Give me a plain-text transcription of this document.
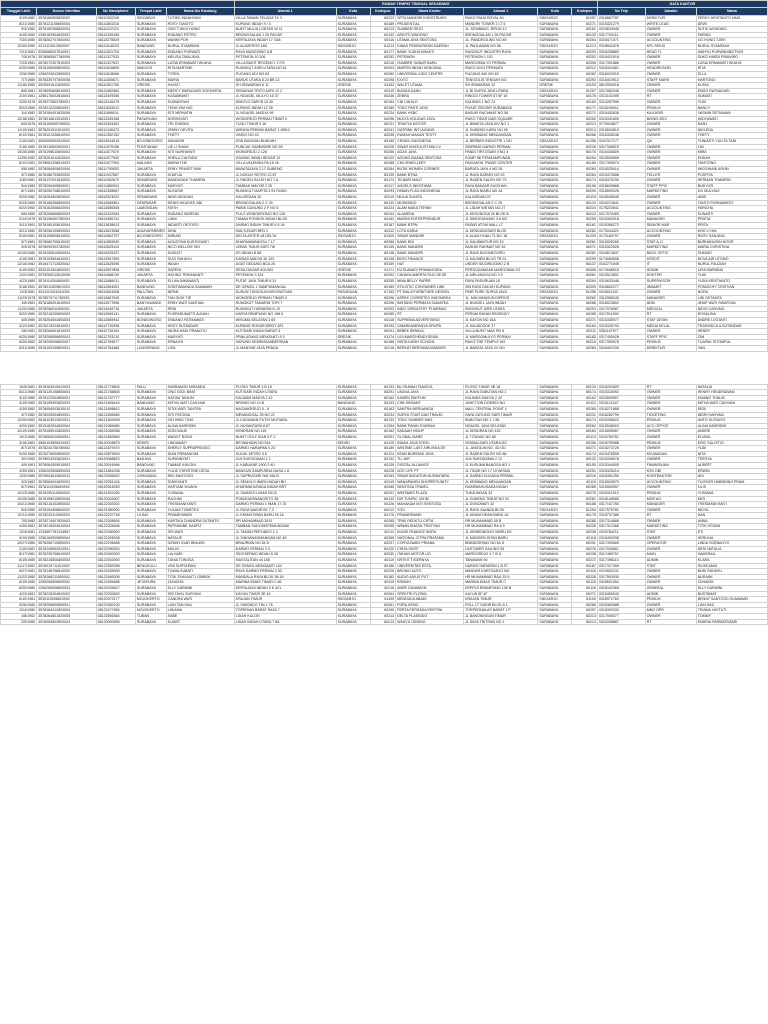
					RUMAH TEMPAT TINGGAL SEKARANG							DATA KANTOR		
Tanggal Lahir	Nomor Identitas	No Handphone	Tempat Lahir	Nama Ibu Kandung	Alamat 1	Kota	Kodepos	Nama Kantor	Alamat 1	Kota	Kodepos	No Telp	Jabatan	Nama
3/19/1982	3578180505820002	08111302249	SIDOARJO	TUTIEK INDAHYANI	VILLA TAMAN TELAGA TX 3	SURABAYA	60213	SPTA MANDIRI KONSTRUKSI	RUKO PALM ROYAL A1	SIDOARJO	61257	0318867787	DIREKTUR	FERDY ARISTANTO HADI
8/21/1980	3578121108800004	08111803316	SURABAYA	ROSY TANOTO	KUPANG INDAH 9 / 3	SURABAYA	60189	PRUDENTIAL	MANDIRI TOWER 2 LT 5	SURABAYA	60271	0315321279	WRITE LEAD	DEWI
9/3/1982	3578180308820003	08111222121	SURABAYA	ONG TJHIOI HONG	BUKIT MULIA LONTAR NI 11	SURABAYA	60213	SUMBER REJO	JL. KEMBANG JEPUN 12	SURABAYA	60162	0315634945	OWNER	SUTIK WOBOWO
4/25/1982	1256182504820002	08113165155	SURABAYA	ENDANG PETRO	BRONGGALAN 1 26 PACAR	SURABAYA	60132	ARKITO WAHONO	BRONGGALAN 1 26 PACAR	SURABAYA	60132	0317700111	OWNER	FARIDA
7/30/1980	3578262707800002	08113275829	SURABAYA	WANNI POH	KERTAJAYA INDAH 17 G48	SURABAYA	60116	UTAMA JAYA SENTOSA	JL. PANDEGILING NO 89	SURABAYA	60264	0315471071	ACCOUNTING	GO HONG TJIEK
12/30/1980	3214113012800007	08111518203	BANDUNG	NURUL SYAMSIAH	JL ALMATROS 168	SIDOARJO	61213	DINAS PENDAPATAN DAERAH	JL PAHLAWAN NO 56	SIDOARJO	61213	0318941878	KPL SEKSI	NURUL SYAMSIAH
7/21/1981	3256066207810001	08111521703	SURABAYA	ENDANG PURWATI	RAYA MUNGGING 8 B	SURABAYA	60177	BANK YUDHA BHAKTI	RUNGKUT INDUSTRI RAYA	SURABAYA	60293	0318438883	HEAD TL	WAHYU PURWANINGTYAS
7/5/1978	3578060507780006	08111327533	SURABAYA	MELISA TANUJAYA	PETEMON 10 106	SURABAYA	60252	PETEMON	PETEMON 1 102	SURABAYA	60252	0315421918	OWNER	SUKO HARDI PRAWIRO
7/23/1981	3578272307810003	08111327621	SURABAYA	LUSIA ERMAWATI WIJAYA	VILLA BUKIT REGENCY 2 F/2	SURABAYA	60216	SUMBER SUBUR BARU	MARGOMULYO PERMAI	SURABAYA	60308	0317491886	OWNER	LUSIA ERMAWATI WIJAYA
5/20/1980	3578106005800002	08111616809	MAKKOS	RITA MARTINE	RUNGKUT ASRI UTARA NO 61	SURABAYA	60293	MARTIN INDAH KENCANA	RUKO DIVO PERMATA	SURABAYA	60212	0315441861	HEADREGION	RITA
12/6/1989	1256220812890003	08111618668	SURABAYA	TITIEN	PUCANG ADI NO 63	SURABAYA	60282	UNIVERSAL KIDO CENTRE	PUCANG ADI NO 63	SURABAYA	60282	0316023915	OWNER	ELLA
7/7/1980	3578330707800006	08111655671	SURABAYA	MARIA	BARUK UTARA 8 24 BB 12	SURABAYA	60298	EXITO	TENGGILIS TENGAH NO	SURABAYA	60292	0318410512	STAFF MARK	HARTONO
11/16/1980	3525091611800002	08111901769	GRESIK	HAYATI	SH IRAWARAN K 11	GRESIK	61153	WALET UTAMA	SH IRAWARAN 12	GRESIK	61153	0813990016	OWNER	KUSNI
8/6/1981	3578090608810002	08111962683	SURABAYA	MERCY WARAGARI SOEHARTA	SEMAYAM TRITO ASRI 12 2	SURABAYA	60119	BUNGA DANU	JL BI SURYA JAYA UTARA	SIDOARJO	61257	0317882248	OWNER	ENGG RATNASARI
2/20/1981	1256176002810003	08113409356	SURABAYA	KASAMWATI	JL NGAGEL MULYO 16 37	SURABAYA	60246	ZEBRA	RINGGI TOWER 6T 6F 16	SURABAYA	60176	0313102495	RT	SUMIATI
3/25/1978	3578272803780001	08113416475	SURABAYA	SUWARIYAH	DIMOYO SARI B 13 30	SURABAYA	60164	CNI CAHILO	KALIMAS 1 NO 74	SURABAYA	60163	0313287996	OWNER	YUDI
5/22/1980	3578212205800001	08111633013	SURABAYA	TENG KIM NIO	KUPANG INDAH 12 35	SURABAYA	60189	TOKO PASTI JAYA	PUSAT GROSIR SURABAYA	SURABAYA	60171	0315245411	PEMILIK	NANCY
1/4/1982	3578180401820006	08111666011	SURABAYA	SITI MIRHATIN	JL NGAGEL MADYA 99	SURABAYA	60234	BANK HSBC	BASUKI RACHMAT NO 58	SURABAYA	60271	0315452636	KA KASIR	YASMIN SETIAWAN
12/18/1981	3578016812810001	08113345168	PASURUAN	NORHAYATI	WONOREJO PERMAI TIMUR II	SURABAYA	60296	MULYA HOLIDAS JAYA	RUKO TIDAR NIAS SQUARE	SURABAYA	60252	0315341600	BISNIS DEV	WIDYAWATI
5/5/1978	3578160505780002	08113394352	SURABAYA	TRI SYARINI	TUGU TIMUR 9 16	SURABAYA	60231	TRIAYYA MOTOR	JL BANKTA JAYA XIV NO 1	SURABAYA	60213	0779918877	OWNER	NANY
11/15/1981	3578251511810003	08111346473	SURABAYA	JENNY DEVITA	WIRAYA PERMAI BARAT 1 MB12	SURABAYA	60241	GATRINK INTI AGUNG	JL GUBENG KARU NO 99	SURABAYA	60313	0315692815	OWNER	NIKLEDA
6/12/1981	3578101206810002	08111352153	SURABAYA	THETY	VINGO NO 43	SURABAYA	60235	RUMAH MAKAN TESTY	JL KEMBANG MENJANGAN	SURABAYA	60266	0316328248	OWNER	THETY
2/15/1981	3526055502810002	08113543915	BOJONEGORO	MUNASIH	DSN BUNGAH BUNGAH	SURABAYA	69155	CENGIL INDONESIA	JL BERBEK INDUSTRI 1 NO	SIDOARJO	61256	0347017177	QA	YUNIARTI YULITA TANI
2/16/1982	3578216502820001	08111579168	PONTIANAK	LIE LI SHAM	PUNCAK SAMBISARI NO 59	SURABAYA	60226	SINAR KHATULISTIWA CV	SIMPANG DARMO PERMAI	SURABAYA	60226	0317346515	OWNER	LIM
10/26/1980	3578196610800003	08111577670	SURABAYA	SITI NURHAYATI	WONOREJO 2 126	SURABAYA	60256	AGAS JAYA	PANDI TIRTOSARI II NO 4	SURABAYA	60175	0316430809	OWNER	MIRA
11/26/1982	3578261611820004	08111577943	SURABAYA	SHEILA CAHYANI	GADING INDAH BESAR 12	SURABAYA	60122	AGUNG BUANA SENTOSA	KOMP INI PENGAMPUNAN	SURABAYA	60254	0315526508	OWNER	ENDAH
8/12/1981	3578081208810003	08111577993	MALANG	MARIA THE	VILLA VALENSIA PA 16 26	SURABAYA	60288	CMI JEWELLERY	PAKUWON TRADE CENTER	SURABAYA	60189	0317390674	OWNER	TANTIONO
5/8/1982	3578080805820006	08111795053	JAKARTA	ERNY PRASETYANI	BARATAJAYA 2 17 GUBENG	SURABAYA	60284	BUTIK WOMEN CORNER	BARATA JAYA 4 NO 28	SURABAYA	60284	0315025414	OWNER	WIGGIHANI ARUM
3/7/1980	3578186703800002	08111937687	SURABAYA	KHATIJA	JL DUKUH SETRO 12 87	SURABAYA	60139	BANK BTNA	JL RAYA DARMO NO 93	SURABAYA	60264	0315472858	TELLER	PUSPITA
1/30/1981	3578137001810002	08111952670	SEMARANG	BANDAYANI THAMRIN	JL RADEN SALEH NO 7 A	SURABAYA	60174	TB BARI MAUT	JL RADEN SALEH NO 79	SURABAYA	60174	0315470150	OWNER	HERMAN THAMRIN
5/4/1980	3578206405800001	08111880004	SURABAYA	MARYATI	TAMBAK MAYOR 2 20	SURABAYA	60117	ANGELS INDOTAMA	RAYA BANJAR SUGIHAN	SURABAYA	60158	0315609888	STAFF PPIC	BUDYOR
8/7/1981	3578250708810003	08112308667	SURABAYA	SUYATMI	RUNGKUT MAPITA 3 03 RUNG	SURABAYA	60293	PABAN FLAG INDONESIA	JL RAYA NIARU NO 44	SURABAYA	60294	0318509226	MARKETING	DJI MULYADI
9/29/1982	3578264909820002	08112523022	SEMARANG	NING HIDAYAH	KALIGEDAN 20	SURABAYA	60119	MULIA DUNITA	KALIGEDAN 20	SURABAYA	60119	0318946945	OWNER	ANIS
6/23/1980	3578166306800003	08112665561	DENPASAR	DENIS HIDAYATI ABI	BRONGGALAN 2 C 25	SURABAYA	60132	MUSKINDO	BRONGGALAN 2 C 25	SURABAYA	60132	0316213641	OWNER	TANTO PURNAWATO
6/22/1982	3578162006820000	08113556308	LAMONGAN	FATIH	PABIS GUNUNG 2 F NO 5	SURABAYA	60224	ALAM MAKA TEKNIK	JL LIDAH WETAN NO 27	SURABAYA	60224	0175222841	ACCOUNTING	FARICHA
6/6/1980	3578206606800003	08113422064	SURABAYA	ENDANG WARSIKI	PULO WONOKROMO NO 128	SURABAYA	60244	ALAMEDA	JL KEDUNGSA 26 BLOK B	SURABAYA	60222	0317570465	OWNER	SUNARTI
2/14/1978	3578196402780004	08113456741	SURABAYA	LIANI	TAMAN PONDOK INDAH BLOK	SURABAYA	60162	MARINI ENTREPRENEUR	JL SIMOGUNUNG 3 A NO	SURABAYA	60259	0315363018	MANAGER	PRATIA
5/11/1981	3578165105810004	08113638613	SURABAYA	INDARTI OKTORO	DARMO INDAH TIMUR II 5 18	SURABAYA	60187	BANK BTPN	PASAR ATOM MALL LT	SURABAYA	60161	0315356272	SENIOR MAR	PRITA
5/21/1980	3578256105800004	08113623088	ANUKAPARBIRO	DINA	MULYOSARI BPD 1	SURABAYA	60112	LOTA KARIA	JL KENDANGSARI BLOK	SURABAYA	60282	0170044321	ACCOUNTING	KHO LI HIA
5/15/1981	3578155605810002	08112652707	BOJONEGORO	MIRIAM	DELTA ASTER 18 DELTA	SIDOARJO	61209	SINAR MANDIRI	JL ALAM HIJAU 71 NO 18	SIDOARJO	61209	0170180797	OWNER	ROSY SANJAYA
5/7/1981	3578080705810002	08111563949	SURABAYA	AGUSTINA KUSTIOWATI	DHARMAWANGSA 7 17	SURABAYA	60286	BANK BNI	JL KALIBANTUR NO 10	SURABAYA	60281	0315025265	STAF A.O	BURHANUDIN NOOR
3/3/1978	3578090303780002	08112625119	SURABAYA	NICO MELLISE HIO	LEBAK TIMUR ASRI 7W	SURABAYA	60145	BANK MANDIRI	BASUKI RAHMAT NO 52	SURABAYA	60271	0315322528	MARKETING	MARIA CHRISTINA
10/15/1980	3578155510800004	08112625257	SURABAYA	SUDIATI	DS INDAH B 68	SURABAYA	60138	BANK MANDIRI	JL RAYA DIGONEGORO	SURABAYA	60281	0315674547	BACK OFFIC	SUMIATI
4/15/1981	3578103504810001	08112567959	SURABAYA	SUCI RAHAYU	KARIAS MADYA 10 103	SURABAYA	60138	BESS FINANCE	JL KALIBEN BLOO TB 01	SURABAYA	60299	0174083698	KREDIT	NOVA AIR UTOMO
12/16/1982	3516471712820002	08112625098	SURABAYA	INDAH	AGAT GEDUNG BCA 20	SURABAYA	60169	HAT	UNDER SIDOREJOMO 2 B	SURABAYA	60137	0163771849	IT	NURUL FAUZIAH
4/15/1981	3525151504800001	08112697898	GRESIK	SAPENI	DESA GAGAR AGUNG	GRESIK	61171	KUTA ABADI PRIMANTARA	PERGUDANGAN MARGOMULYO	SURABAYA	60306	0174946515	ADMIN	LENI MARIANA
12/2/1981	3578260212810005	08111668139	JAKARTA	HAYING TRIKANANTI	PETEMON 3 124	SURABAYA	60252	CAHAYA AMERTA RULI 08 SE	JL AIRLANGGA NO 3 9	SURABAYA	60281	0315513501	DOKTER	YUDI
4/23/1980	3578114304800001	08112686011	SURABAYA	ELLAN INKANANTI	PUTAT JAYA TIMUR 8 31	SURABAYA	60255	MINA BELLY PAPER	RAYA PASURUAN 18	SURABAYA	60264	0315633448	SUPERVISOR	YUDA KRISTIANTO
9/18/1981	3578011809810003	08112664051	BANDUNG	SONTIAMANGA SAWAMIN	DE GEMOL 1 SAMPUMANGAL	SURABAYA	60169	STILISTIC CONTAINER LINE	SIN RAYA DUKUH KUPANG	SURABAYA	60309	0316602277	IIMAMET	PONDICHY CRISTIAN
11/3/1981	3514110311810005	08112661008	PALUTAN	NIPAN	DUSUN TUNGGUN KEKONGTIAN	PASURUAN	67153	PT MULA FURNITURE DESIGN	PINR PURE SURYA JAYA	SIDOARJO	61256	0318011112	OWNER	NORA
11/23/1978	3578070711780001	08112667045	SURABAYA	TAN GIOK TIE	WONOREJO PERMAI TIMUR II	SURABAYA	60296	ASPEK CORRETEX INDONESIA	JL. MIN MANGUN DIPROS	SURABAYA	60260	0312988345	MANAGER	LINI DETAMTA
1/6/1981	3578186201810003	08112677696	BANYUWANGI	ERNY WATI SANTIAN	RUNGKUT TAMARIN TOPI 7	SURABAYA	60296	BINTANG PERMATA SUMATEA	JL NGAGEL JAYA INDAH	SURABAYA	60286	0316023802	ADM	JENIF WATI SWASTAN
11/20/1980	3578256011800001	08112649716	JAKARTA	RENI	RUNGKUT HARAPAN K-12	SURABAYA	60293	INDO VIRDUSTRY PHARMAS	RUNGKUT ASRI UTARA	SURABAYA	60293	0317576987	MEDICAL	NIDIO CAHYADI
5/22/1980	3578216205800003	08112669131	SURABAYA	PUSPARUMATTI AUNAH	KARYA REMPUNG NO 198 5	SURABAYA	60285	RT	PERUM RAYAN REGENCY	SURABAYA	60285	0317511599	RT	ROSALINA
4/5/1980	3578254504800003	08112685942	BONDOWOSO	ENDANG FATMAWATI	WISUMA SELATAN 3 65	SURABAYA	60118	SUPREMA ADVERTISING	JL KAYON NO 16A	SURABAYA	60271	0315335977	STAF DESIN	ANDRE LISTANTI
3/12/1981	3578215203810001	08112730998	SURABAYA	HEDY SUTANDAR	KUPANG RODAR BIROY 6FL	SURABAYA	60193	DINARKAMPANYA GRUPA	JL KALIBOSOK 37	SURABAYA	60163	0315335793	MEDIA KELAL	TRANSIKCA A SUTANDAR
1/6/1981	3578266601810003	08112726164	SURABAYA	INDRA HADI PRANOTO	KUTISARI INDAH BARAT 3	SURABAYA	60291	BEBEK BENKUL	VILLA BUKIT MAS RD 8	SURABAYA	60211	0361167977	OWNER	HENRY
6/25/1980	3578256506800003	08112793210	SURABAYA	MARYATI	PRIM UDANG MENGANTI 9 3	GRESIK	61174	LIDI MARCHENDYSEMA	JL MARGOMULYO PERMAI	SURABAYA	60183	0317490928	STAFF PPIC	CIM
6/20/1982	3578206006820007	08112769877	SURABAYA	ERNAIYA	SAPUNG KEMENGANBERSIAN	SURABAYA	60186	SINTA KASIH SCHOOL	RUKO THE TEMPLE NO	SURABAYA	60216	0317390978	PEMILIK	TUAPAK SITOMPUL
5/31/1980	3578105105800001	08112764486	LUNGERANG	LISA	JL MANYAR JAYA PRADA	SURABAYA	60118	BERKAT BERSAMA MANDIRI	JL BARATA JAYA XX NO	SURABAYA	60284	0316491339	DIREKTUR	YAN

10/5/1981	3578264510810003	08121778804	PALU	SARBANON MIRANDA	PLOSO TIMUR 3 B 18	SURABAYA	60133	BLI RUMAH TANGGA	PLOSO TIMUR 3B 18	SURABAYA	60133	0318202820	RT	NATALIA
8/21/1980	3578126108800003	08121788835	SURABAYA	ONG GICK BING	KUTISARI INDAH UTARA	SURABAYA	60291	USAHA JAYA	JL RAYA GUBUTAN NO 1	SURABAYA	60174	0315318392	OWNER	HENRY HENDRAWAN
4/12/1980	3578122004800001	08121767777	SURABAYA	HATUM TAHLIM	KALIMAS MADYA 2 42	SURABAYA	60162	KAMEN PAKFUM	KALIMAS MADYA 2 42	SURABAYA	60162	0315590557	OWNER	KWANG THALIB
3/19/1982	3578195903820003	08121806443	BANDUNG	MITHU WATI CAHYANI	BROMO NO 10 B	BANDUNG	55133	CHB SEMANT	JUNCTION DOMEDI NO	SURABAYA	60112	0318121167	OWNER	MITHA WATI CAHYANI
4/30/1982	3578054003810012	08121858812	SURABAYA	SITIA WATI TANTRA	NAGANGREJO 5 - 8	SURABAYA	60163	SANTRA MERUANGA	MALL CENTRAL POINT 1	SURABAYA	60265	0318271888	OWNER	DEDI
4/7/1982	3578226904800001	08121856560	SURABAYA	SITI FATONIA	MENANGGAL 35 NO 21	SURABAYA	60234	SURYA TOUR DAN TRAVEL	RAYA GAYUNG SARI TIMUR	SURABAYA	60231	0318282799	TICKETING	INDRI HARYADI
12/25/1982	3516123512820001	08121804948	SURABAYA	OEI HING TING	JL KUDAMAN PUTIH MUTIARA	SURABAYA	60133	TOKO SUMBER MAS	BUBUTAN NO 1 7 86	SURABAYA	60174	0315306622	PEMILIK	ANTO SUTANTO
4/20/1982	3515162004820004	08121964680	SURABAYA	ALINA NASRIDIN	JL NUSANTARA 8 67	SURABAYA	61254	BANK PANIN SYARIAH	NGAGEL JAYA SELATAN	SURABAYA	60284	0315548303	ACC OFFICE	ALINA NASRIDIN
12/19/1980	3578165912800003	08121065058	SURABAYA	SODI MAJE	KENDRAN NO 115	SURABAYA	60162	SADAAH HIDUP	JL KENDRAN NO 115	SURABAYA	60163	0315555067	OWNER	ANDRE
10/1/1980	3578065010800001	08121859869	SURABAYA	WANGT BONG	BUKIT GOLF IKAN 6 F 2	SURABAYA	60291	GLOBAL MARE	JL TITANAS NO 80	SURABAYA	60113	0315780761	OWNER	ELIANA
3/16/1981	3506103506810002	08120048875	KEDIRI	LINDAWATI	BR WAHIDIN NO 516	KEDIRI	64125	INDAH JAYA STEEL	KENDALSARI UTARA NO	SURABAYA	60296	0318790988	PEMILIK	ERIC SULISTIO
8/7/1978	3578244708780002	08121879470	SURABAYA	SHERLY SUPRAPRIDIGO	DARMO HARAPAN II 24	SURABAYA	60189	WINTIME LAST AIRLINKA DE	JL. ANGGUN NO. 4D GD	SURABAYA	60271	0315273726	OWNER	YUDI
9/29/1980	3578276909800002	08120879539	SURABAYA	DIAN PRIMANDINI	SULAK SETRO 3 6	SURABAYA	60124	KEAN BURENGI JAYA	JL RADEN SALEH NO 86	SURABAYA	60174	0315475555	KEUANGAN	NITA
3/2/1982	3578024203820001	08120088823	BADJAN	SUPANNYATI	JLN SUKODAMAI 1 2	SURABAYA	60132	TU JAR	JLN SUKODAMAI 2 12	SURABAYA	60132	0315346578	OWNER	TRESYA
4/9/1981	3578064309810002	08120016966	BANDUNG	TIAMAE KIM GIN	JL KABUKNE 1900 3 40	SURABAYA	60139	DIGITAL ALLIANCE	JL KUSUMA BANGSA NO 1	SURABAYA	60150	0315344005	FINANSILIAN	ALBERT
4/30/1981	1256202808800003	08121861008	SURABAYA	YULIE CHRISTINE DESA	BANGUN SAMPURNA NUSA 1 8	SURABAYA	60228	ACE LIFE PT	JL TIDAR NO 17 19 WISMA	SURABAYA	60251	0315425214	KSS OBI	ERWIN
12/5/1980	3578024612800012	08123255542	CIRKAIANG	RIKI SANTOSO	JL SUPRIATARI NW 166 B	SURABAYA	60163	SINAR BODATON NUSANTARA	JL DARMO KUSADA PERMAI	SURABAYA	60216	0315491250	KONTRAKTOR	ADI
4/3/1982	3578084004820003	08122051434	SURABAYA	SUWIYANTI	JL SEMOLO WARU INDAH BH	SURABAYA	60119	WANAPANEN SHOPERTUNITY	JL KEMBANG MENJANGAN	SURABAYA	60119	0315943579	ACCOUNTING	TUGSOR HABIBONO PRAM
6/7/1981	3578110206800002	08120316053	SURABAYA	HARYANI WIJAYA	DHARMAHUSADA INDAH BRT	SURABAYA	60285	SENTOSA TRAVEL	DHARMAHUSADA INDAH	SURABAYA	60285	0315964957	OWNER	LILIS
10/13/1980	3578195110800002	08121802250	SURABAYA	YUSIANA	JL SUMATO LIMAS NO 8	SURABAYA	60231	WINTAMIS PLAZA	TUNJUNGAN 33	SURABAYA	60275	0315311919	PEMILIK	YUSIANA
10/25/1980	3578196510800006	08120303007	SURABAYA	RACHMI	PONGGARWANGSITO 35	SURABAYA	60132	NIH TUNPIC JATIM	JL GUBENG TIMUR NO 91	SURABAYA	60281	0318145585	MGR AO	DIRI
10/21/1980	3578216102800002	08122303302	SURABAYA	TRESMANIYANTI	DARMO PERMAI 1 HIAN 17 25	SURABAYA	60226	MAHAKAM INTI SENTOSA	JL DONOWATI 32	SURABAYA	60188	0317167760	MANAGER	TRESMANIYANTI
6/4/1980	3578194406800002	08121950000	SURABAYA	YULANI TOMETEX	JL RAYA WAGIR B1 7 2	SURABAYA	60212	YOG	JL RAYA JUANDA BLOK	SIDOARJO	61254	0317575781	OWNER	NIDYA
12/11/1980	3578225112800003	08122237748	LILING	PRAMESWARI	JL KEMAYORAN BARU NI 16	SURABAYA	60175	PRAMESWARI	JL KEMAYORAN BARU 16	SURABAYA	60175	0315737386	RT	HAN
7/5/1982	3578274507820003	08122308505	SURABAYA	KARTIKA CHANDRA SUTANTO	RR MUHAMMAD 35 B	SURABAYA	60285	TRIKI REDKTU CIPTA	RR MUHAMMAD 35 B	SURABAYA	60285	0317314666	OWNER	ANNA
4/30/1981	3578215004810003	08122326696	SURABAYA	PATRIANNE HASFIZ	TAMBAN SUKOMOPEMUNGANI	SURABAYA	60255	WINAN BIATAN TRATYAN	HR MUHAMMAD RA 6 9	SURABAYA	60226	0317312366	MARKETING	TITIK ISTIANI
12/4/1981	1234567781234567	08122380000	SURABAYA	SRI WATI	JL TAMAN PEPLINDO 1 2	SURABAYA	60112	KUNIS FINANCE NORA	JL KEMBONGNYI WARU KE	SURABAYA	60238	0315784211	STAF	ETI
9/10/1980	1256180509800004	08121926038	SURABAYA	NATALIE	JL SINGANAGMANGAN NO 45	SURABAYA	60265	NATIONAL CITRA PRATAMA	JL MUNDEN INTAN BARU	SURABAYA	60118	0315490298	OWNER	HERLINA
10/27/1980	3578256710800003	08122296658	SURABAYA	GENNY IDAR BINUNG	BRAURIAN NO 54 D	SURABAYA	60237	CORYA BABO PRIANA	BRANGSRING NO 54 D	SURABAYA	60251	0317490665	OPERATOR	LINDA SOEBAGYO
2/15/1981	3578145502810001	08122390304	SURABAYA	MULIN	DARMO PERMAI 3 9	SURABAYA	60120	CINTA SHOP	LINTOWER SAILING 95	SURABAYA	60276	0317530661	OWNER	DESI NATALIA
8/17/1981	3578235708810003	08123450303	SURABAYA	LIA HARI	SIDOSERMO INDAH 8 28	SURABAYA	60230	ITAHAN MOTOR LID	MARGOREJO 4 7 III A	SURABAYA	60238	0317465757	MAIN	SAMSINUL
6/15/1980	3578215506800003	08122302000	SURABAYA	TANIA TONGSA	MASTALITAN 44 168	SURABAYA	60119	SRTKIT TIGERNYA	TANAWAN 90	SURABAYA	60272	0317396110	ADMIN	KLARA
11/17/1981	3578015711810002	08122382068	BENGKULU	VINI SURYAPANI	DE GEMOL MENGAMTI 104	SURABAYA	60156	UNIVERSITAS ESTA	DARMO HARAPAN 1 B 57	SURABAYA	60187	0317317359	STAF	SIUSILMAN
6/27/1981	3578146706810002	08122453005	SURABAYA	TUWIA SUBATI	RAYA DARMO PERMAI 2 53	SURABAYA	60226	BROMO AUTO	MANYAR KARTOARJO NO	SURABAYA	60116	0319502131	OWNER	BUDI RAHAYU
11/22/1980	3578266211800002	08122485306	SURABAYA	TITIK SYAUNUT LOMBOK	MANDALA RAYA BLOK 38 18	SURABAYA	60182	AUDIO ADIUS PUT	HR MUHAMMAD RAU 15 9	SURABAYA	60226	0317593930	OWNER	NURAINI
6/15/1980	1256258506800002	08122494685	JEYAPURA	ZUHAENI	MARINA EMAS TIMUR C 86	SURABAYA	60115	KRIANH	MARINA EMAS TIMUR C	SURABAYA	60115	0315621554	OWNER	ZUHAENI
8/20/1980	1256260008800003	08122435627	SURABAYA	ELLY DARMINI	KERTAJAYA INDAH II K 421	SURABAYA	60116	AMIRI DANAMON	KEPPLE BRAMPUNG 106 B	SURABAYA	60116	0318342369	GENERAL	ELLY DARMINI
4/23/1981	3578226304810002	08122330802	SURABAYA	SRI TAHU SURYANI	KAYUN TIMUR 3E 16	SURABAYA	60264	SPEKTRI FLORAL	KAYUN 5F 4F	SURABAYA	60271	0315450040	ADMIN	BUSTAMAT
6/10/1981	3515115006810002	08120373177	MOJOKERTO	CANDRA WATI	KRAJAN TIMUR	SIDOARJO	61100	MENDUKA ABADI	KRAJAN TIMUR	SIDOARJO	61100	0318971763	PEMILIK	BENNY SANTOSO GUNAWAN
9/26/1980	3578256609800001	08120382100	SURABAYA	LIAN TAN HAU	JL SIMONDO TIM 1 76	SURABAYA	60261	PORA KENG	POLL LT GASIR BLOK A 1	SURABAYA	60266	0315382888	OWNER	LIAN HAU
12/4/1980	3578184412800004	08122477890	MOJOKERTO	LIDIAMA	TOPERIAN BARAT RAYA 7	SURABAYA	60295	PERTA PERSADA PERTIWI	TORPERNALAS BARAT 1 P	SURABAYA	60297	0315300333	MNG OPR	TRIANA YASTUTI
1/8/1982	3578264801820005	08122656364	TUBAN	SABE	LIDAH KULON	SURABAYA	60213	DELTA PLASINDO	JL BANGKINGAN TIMUR	SURABAYA	60213	0317006377	OWNER	TOMMY
2/5/1980	3578054502800004	08123000555	SURABAYA	KUAKE	LIDAH INDAH UTARA 7 B4	SURABAYA	60213	WAHYU GENING	JL SAYA TRITRAN NO 1	SURABAYA	60213	0315338887	RT	ENDRIA PARWATASARI
